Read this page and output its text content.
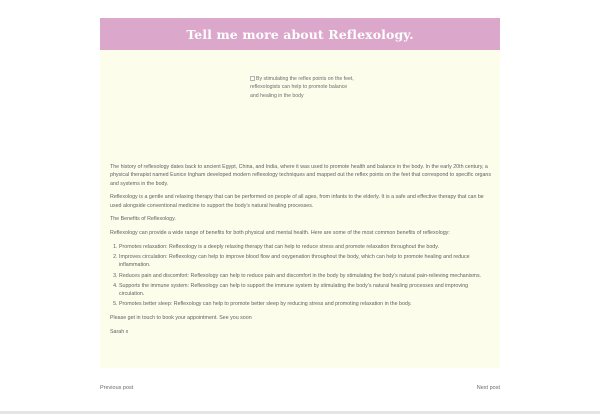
Tell me more about Reflexology.
By stimulating the reflex points on the feet, reflexologists can help to promote balance and healing in the body

The history of reflexology dates back to ancient Egypt, China, and India, where it was used to promote health and balance in the body. In the early 20th century, a physical therapist named Eunice Ingham developed modern reflexology techniques and mapped out the reflex points on the feet that correspond to specific organs and systems in the body.

Reflexology is a gentle and relaxing therapy that can be performed on people of all ages, from infants to the elderly. It is a safe and effective therapy that can be used alongside conventional medicine to support the body’s natural healing processes.

The Benefits of Reflexology.

Reflexology can provide a wide range of benefits for both physical and mental health. Here are some of the most common benefits of reflexology:

1. Promotes relaxation: Reflexology is a deeply relaxing therapy that can help to reduce stress and promote relaxation throughout the body.
2. Improves circulation: Reflexology can help to improve blood flow and oxygenation throughout the body, which can help to promote healing and reduce inflammation.
3. Reduces pain and discomfort: Reflexology can help to reduce pain and discomfort in the body by stimulating the body’s natural pain-relieving mechanisms.
4. Supports the immune system: Reflexology can help to support the immune system by stimulating the body’s natural healing processes and improving circulation.
5. Promotes better sleep: Reflexology can help to promote better sleep by reducing stress and promoting relaxation in the body.

Please get in touch to book your appointment. See you soon

Sarah x

Previous post	Next post
